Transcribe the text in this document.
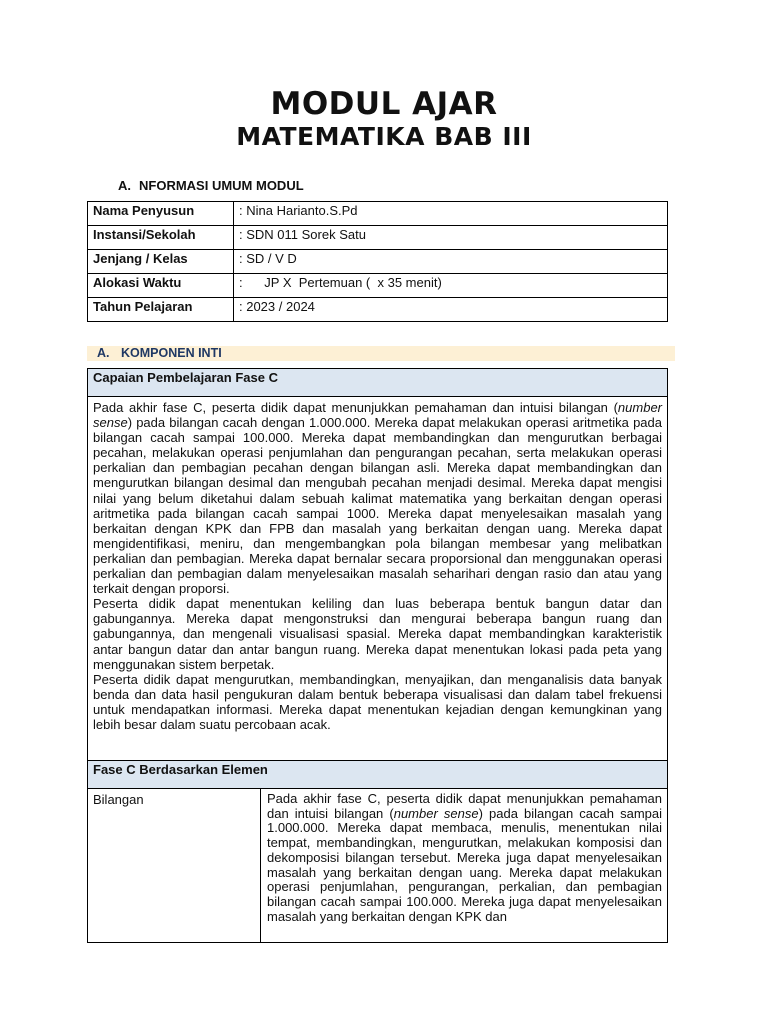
MODUL AJAR
MATEMATIKA BAB III
A. NFORMASI UMUM MODUL
Nama Penyusun	: Nina Harianto.S.Pd
Instansi/Sekolah	: SDN 011 Sorek Satu
Jenjang / Kelas	: SD / V D
Alokasi Waktu	:      JP X  Pertemuan (  x 35 menit)
Tahun Pelajaran	: 2023 / 2024
A. KOMPONEN INTI
Capaian Pembelajaran Fase C

Pada akhir fase C, peserta didik dapat menunjukkan pemahaman dan intuisi bilangan (number sense) pada bilangan cacah dengan 1.000.000. Mereka dapat melakukan operasi aritmetika pada bilangan cacah sampai 100.000. Mereka dapat membandingkan dan mengurutkan berbagai pecahan, melakukan operasi penjumlahan dan pengurangan pecahan, serta melakukan operasi perkalian dan pembagian pecahan dengan bilangan asli. Mereka dapat membandingkan dan mengurutkan bilangan desimal dan mengubah pecahan menjadi desimal. Mereka dapat mengisi nilai yang belum diketahui dalam sebuah kalimat matematika yang berkaitan dengan operasi aritmetika pada bilangan cacah sampai 1000. Mereka dapat menyelesaikan masalah yang berkaitan dengan KPK dan FPB dan masalah yang berkaitan dengan uang. Mereka dapat mengidentifikasi, meniru, dan mengembangkan pola bilangan membesar yang melibatkan perkalian dan pembagian. Mereka dapat bernalar secara proporsional dan menggunakan operasi perkalian dan pembagian dalam menyelesaikan masalah seharihari dengan rasio dan atau yang terkait dengan proporsi.

Peserta didik dapat menentukan keliling dan luas beberapa bentuk bangun datar dan gabungannya. Mereka dapat mengonstruksi dan mengurai beberapa bangun ruang dan gabungannya, dan mengenali visualisasi spasial. Mereka dapat membandingkan karakteristik antar bangun datar dan antar bangun ruang. Mereka dapat menentukan lokasi pada peta yang menggunakan sistem berpetak.

Peserta didik dapat mengurutkan, membandingkan, menyajikan, dan menganalisis data banyak benda dan data hasil pengukuran dalam bentuk beberapa visualisasi dan dalam tabel frekuensi untuk mendapatkan informasi. Mereka dapat menentukan kejadian dengan kemungkinan yang lebih besar dalam suatu percobaan acak.

Fase C Berdasarkan Elemen
Bilangan	Pada akhir fase C, peserta didik dapat menunjukkan pemahaman dan intuisi bilangan (number sense) pada bilangan cacah sampai 1.000.000. Mereka dapat membaca, menulis, menentukan nilai tempat, membandingkan, mengurutkan, melakukan komposisi dan dekomposisi bilangan tersebut. Mereka juga dapat menyelesaikan masalah yang berkaitan dengan uang. Mereka dapat melakukan operasi penjumlahan, pengurangan, perkalian, dan pembagian bilangan cacah sampai 100.000. Mereka juga dapat menyelesaikan masalah yang berkaitan dengan KPK dan
